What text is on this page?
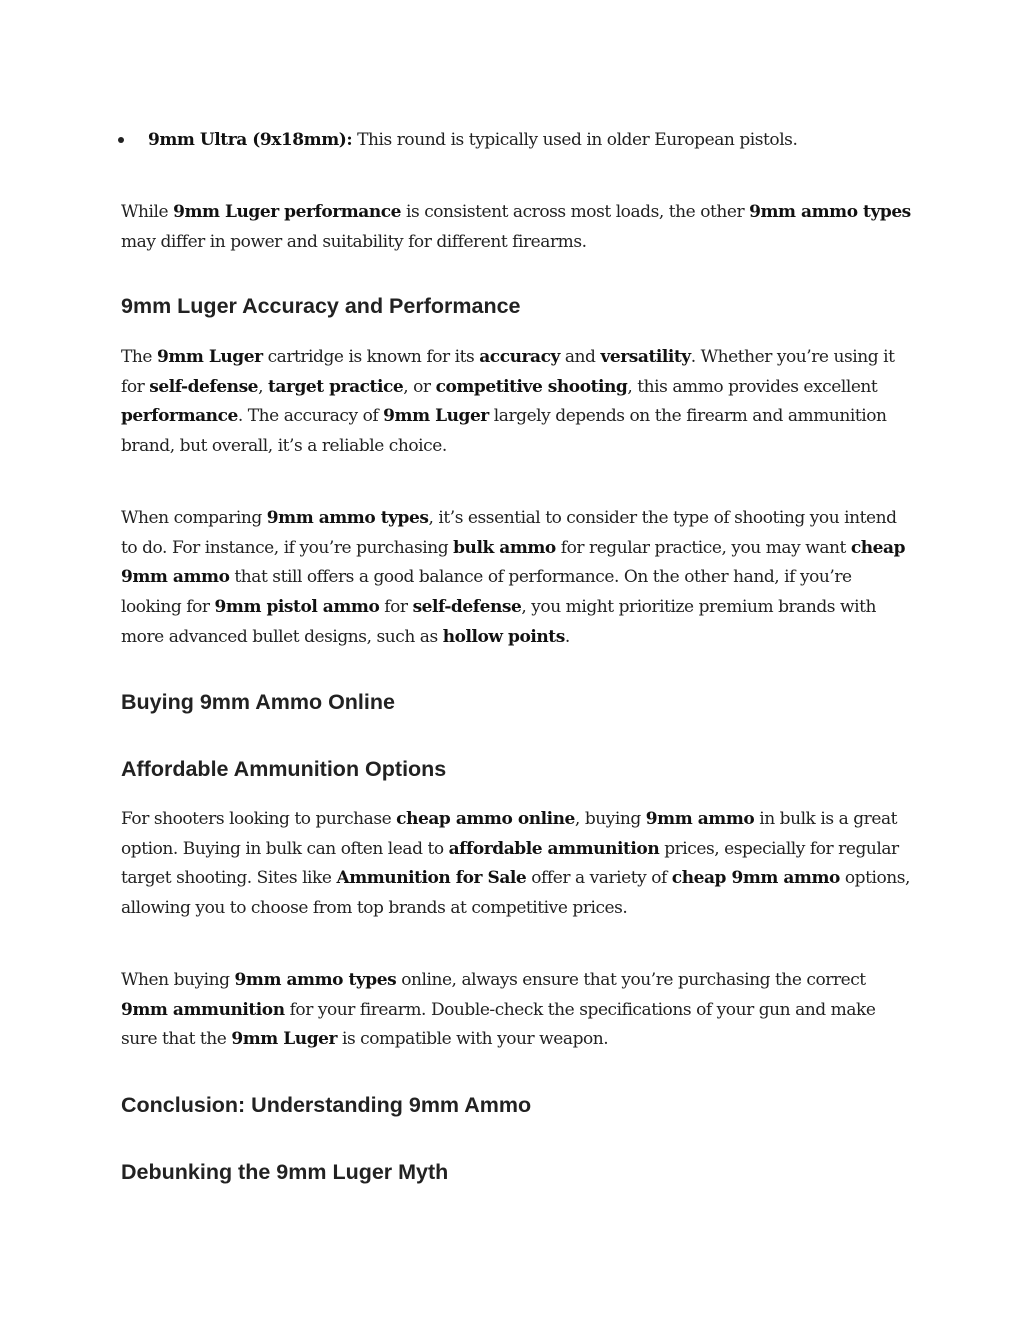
9mm Ultra (9x18mm): This round is typically used in older European pistols.

While 9mm Luger performance is consistent across most loads, the other 9mm ammo types may differ in power and suitability for different firearms.

9mm Luger Accuracy and Performance

The 9mm Luger cartridge is known for its accuracy and versatility. Whether you’re using it for self-defense, target practice, or competitive shooting, this ammo provides excellent performance. The accuracy of 9mm Luger largely depends on the firearm and ammunition brand, but overall, it’s a reliable choice.

When comparing 9mm ammo types, it’s essential to consider the type of shooting you intend to do. For instance, if you’re purchasing bulk ammo for regular practice, you may want cheap 9mm ammo that still offers a good balance of performance. On the other hand, if you’re looking for 9mm pistol ammo for self-defense, you might prioritize premium brands with more advanced bullet designs, such as hollow points.

Buying 9mm Ammo Online
Affordable Ammunition Options

For shooters looking to purchase cheap ammo online, buying 9mm ammo in bulk is a great option. Buying in bulk can often lead to affordable ammunition prices, especially for regular target shooting. Sites like Ammunition for Sale offer a variety of cheap 9mm ammo options, allowing you to choose from top brands at competitive prices.

When buying 9mm ammo types online, always ensure that you’re purchasing the correct 9mm ammunition for your firearm. Double-check the specifications of your gun and make sure that the 9mm Luger is compatible with your weapon.

Conclusion: Understanding 9mm Ammo
Debunking the 9mm Luger Myth
